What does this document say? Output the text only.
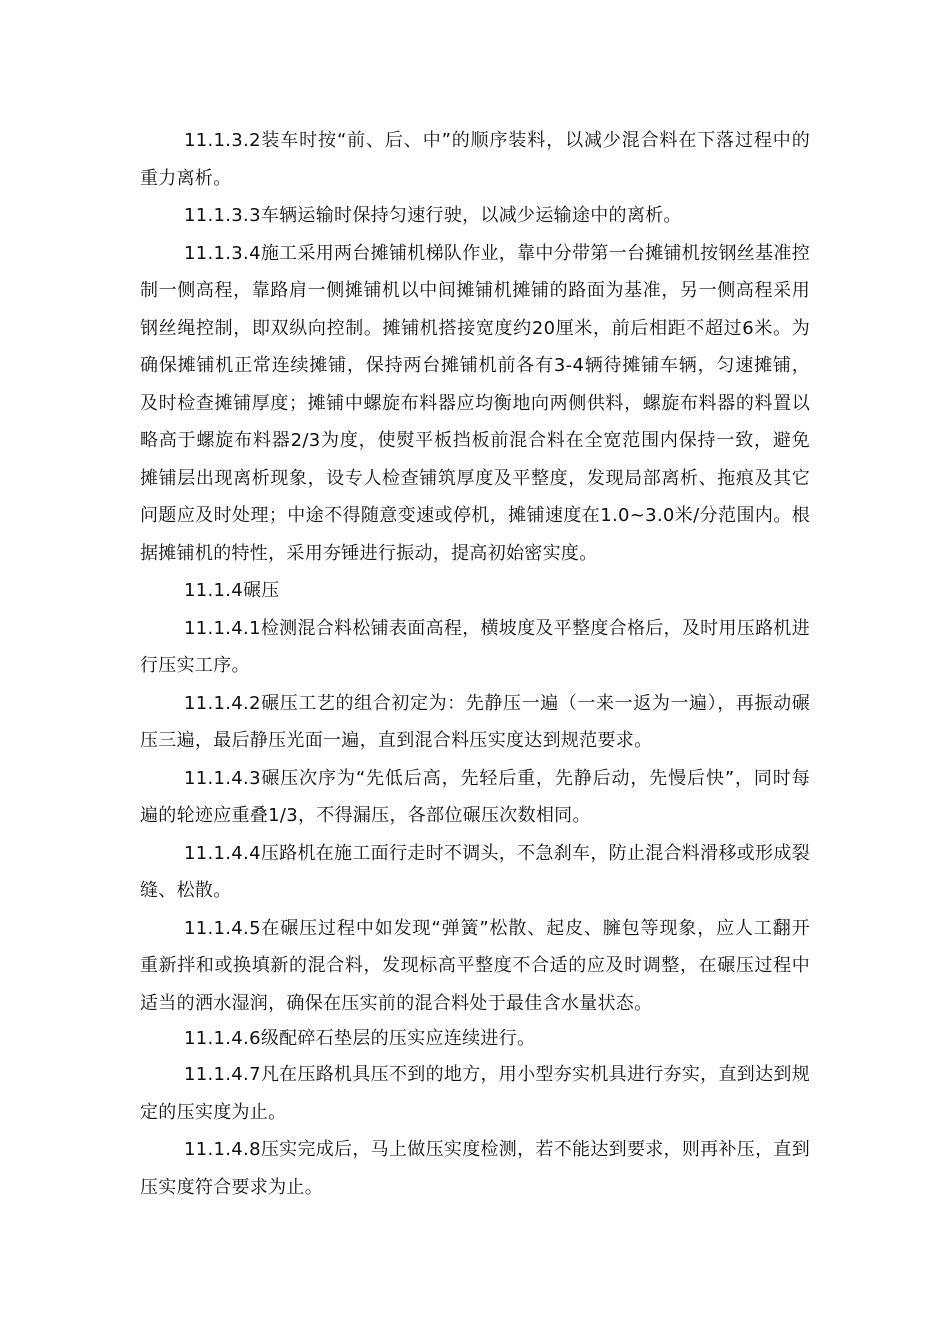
11.1.3.2装车时按“前、后、中”的顺序装料，以减少混合料在下落过程中的重力离析。

11.1.3.3车辆运输时保持匀速行驶，以减少运输途中的离析。

11.1.3.4施工采用两台摊铺机梯队作业，靠中分带第一台摊铺机按钢丝基准控制一侧高程，靠路肩一侧摊铺机以中间摊铺机摊铺的路面为基准，另一侧高程采用钢丝绳控制，即双纵向控制。摊铺机搭接宽度约20厘米，前后相距不超过6米。为确保摊铺机正常连续摊铺，保持两台摊铺机前各有3-4辆待摊铺车辆，匀速摊铺，及时检查摊铺厚度；摊铺中螺旋布料器应均衡地向两侧供料，螺旋布料器的料置以略高于螺旋布料器2/3为度，使熨平板挡板前混合料在全宽范围内保持一致，避免摊铺层出现离析现象，设专人检查铺筑厚度及平整度，发现局部离析、拖痕及其它问题应及时处理；中途不得随意变速或停机，摊铺速度在1.0~3.0米/分范围内。根据摊铺机的特性，采用夯锤进行振动，提高初始密实度。

11.1.4碾压

11.1.4.1检测混合料松铺表面高程，横坡度及平整度合格后，及时用压路机进行压实工序。

11.1.4.2碾压工艺的组合初定为：先静压一遍（一来一返为一遍），再振动碾压三遍，最后静压光面一遍，直到混合料压实度达到规范要求。

11.1.4.3碾压次序为“先低后高，先轻后重，先静后动，先慢后快”，同时每遍的轮迹应重叠1/3，不得漏压，各部位碾压次数相同。

11.1.4.4压路机在施工面行走时不调头，不急刹车，防止混合料滑移或形成裂缝、松散。

11.1.4.5在碾压过程中如发现“弹簧”松散、起皮、臃包等现象，应人工翻开重新拌和或换填新的混合料，发现标高平整度不合适的应及时调整，在碾压过程中适当的洒水湿润，确保在压实前的混合料处于最佳含水量状态。

11.1.4.6级配碎石垫层的压实应连续进行。

11.1.4.7凡在压路机具压不到的地方，用小型夯实机具进行夯实，直到达到规定的压实度为止。

11.1.4.8压实完成后，马上做压实度检测，若不能达到要求，则再补压，直到压实度符合要求为止。
